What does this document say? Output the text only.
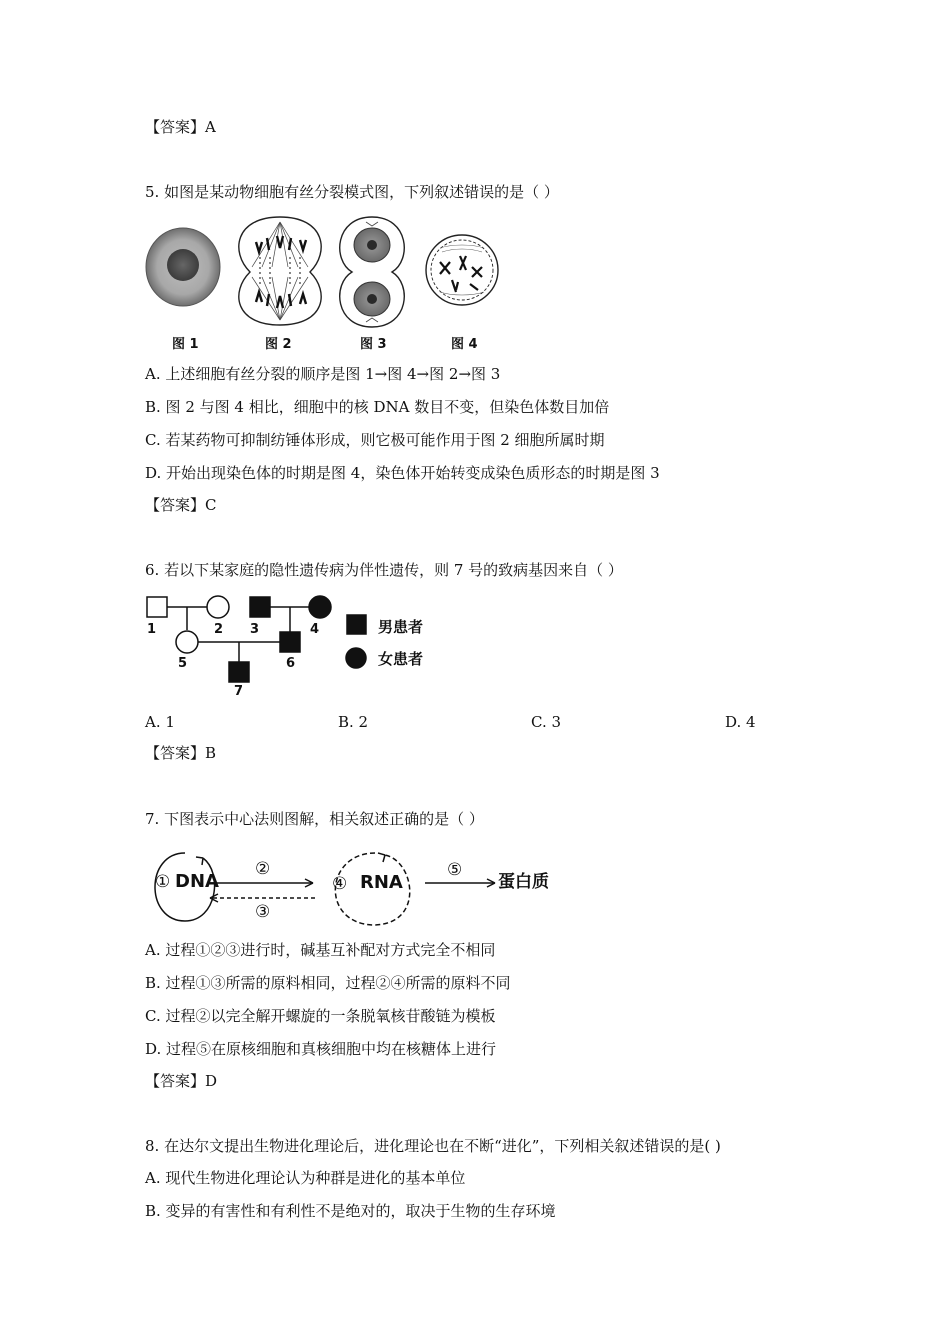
【答案】A
5. 如图是某动物细胞有丝分裂模式图，下列叙述错误的是（ ）
图 1	图 2	图 3	图 4
A. 上述细胞有丝分裂的顺序是图 1→图 4→图 2→图 3
B. 图 2 与图 4 相比，细胞中的核 DNA 数目不变，但染色体数目加倍
C. 若某药物可抑制纺锤体形成，则它极可能作用于图 2 细胞所属时期
D. 开始出现染色体的时期是图 4，染色体开始转变成染色质形态的时期是图 3
【答案】C
6. 若以下某家庭的隐性遗传病为伴性遗传，则 7 号的致病基因来自（ ）
1	2 3	4
5	6
7
男患者
女患者
A. 1	B. 2	C. 3	D. 4
【答案】B
7. 下图表示中心法则图解，相关叙述正确的是（ ）
① DNA
②
③
④ RNA
⑤
蛋白质
A. 过程①②③进行时，碱基互补配对方式完全不相同
B. 过程①③所需的原料相同，过程②④所需的原料不同
C. 过程②以完全解开螺旋的一条脱氧核苷酸链为模板
D. 过程⑤在原核细胞和真核细胞中均在核糖体上进行
【答案】D
8. 在达尔文提出生物进化理论后，进化理论也在不断“进化”，下列相关叙述错误的是( )
A. 现代生物进化理论认为种群是进化的基本单位
B. 变异的有害性和有利性不是绝对的，取决于生物的生存环境
